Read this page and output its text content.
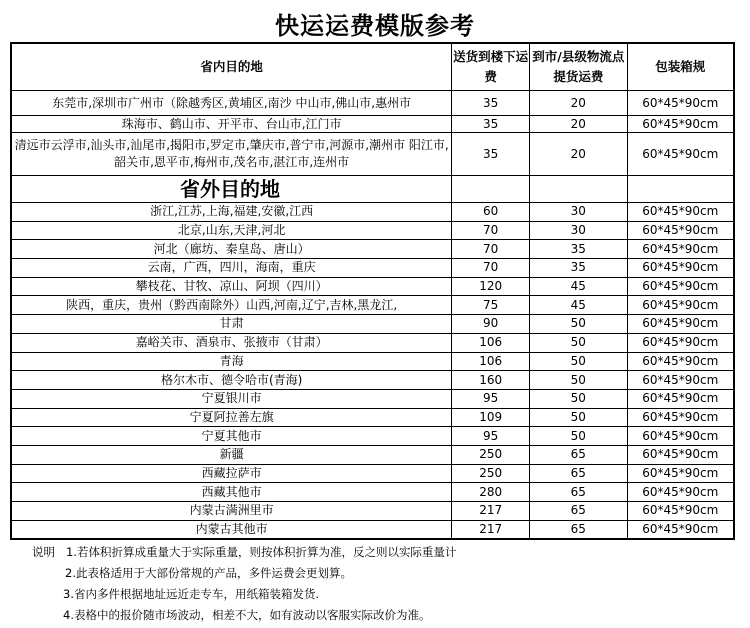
快运运费模版参考
省内目的地	送货到楼下运费	到市/县级物流点提货运费	包装箱规
东莞市,深圳市广州市（除越秀区,黄埔区,南沙 中山市,佛山市,惠州市	35	20	60*45*90cm
珠海市、鹤山市、开平市、台山市,江门市	35	20	60*45*90cm
清远市云浮市,汕头市,汕尾市,揭阳市,罗定市,肇庆市,普宁市,河源市,潮州市 阳江市,韶关市,恩平市,梅州市,茂名市,湛江市,连州市	35	20	60*45*90cm
省外目的地			
浙江,江苏,上海,福建,安徽,江西	60	30	60*45*90cm
北京,山东,天津,河北	70	30	60*45*90cm
河北（廊坊、秦皇岛、唐山）	70	35	60*45*90cm
云南，广西，四川，海南，重庆	70	35	60*45*90cm
攀枝花、甘牧、凉山、阿坝（四川）	120	45	60*45*90cm
陕西，重庆，贵州（黔西南除外）山西,河南,辽宁,吉林,黑龙江,	75	45	60*45*90cm
甘肃	90	50	60*45*90cm
嘉峪关市、酒泉市、张掖市（甘肃）	106	50	60*45*90cm
青海	106	50	60*45*90cm
格尔木市、德令哈市(青海)	160	50	60*45*90cm
宁夏银川市	95	50	60*45*90cm
宁夏阿拉善左旗	109	50	60*45*90cm
宁夏其他市	95	50	60*45*90cm
新疆	250	65	60*45*90cm
西藏拉萨市	250	65	60*45*90cm
西藏其他市	280	65	60*45*90cm
内蒙古满洲里市	217	65	60*45*90cm
内蒙古其他市	217	65	60*45*90cm
说明 1.若体积折算成重量大于实际重量，则按体积折算为准，反之则以实际重量计
2.此表格适用于大部份常规的产品，多件运费会更划算。
3.省内多件根据地址远近走专车，用纸箱装箱发货.
4.表格中的报价随市场波动，相差不大，如有波动以客服实际改价为准。
